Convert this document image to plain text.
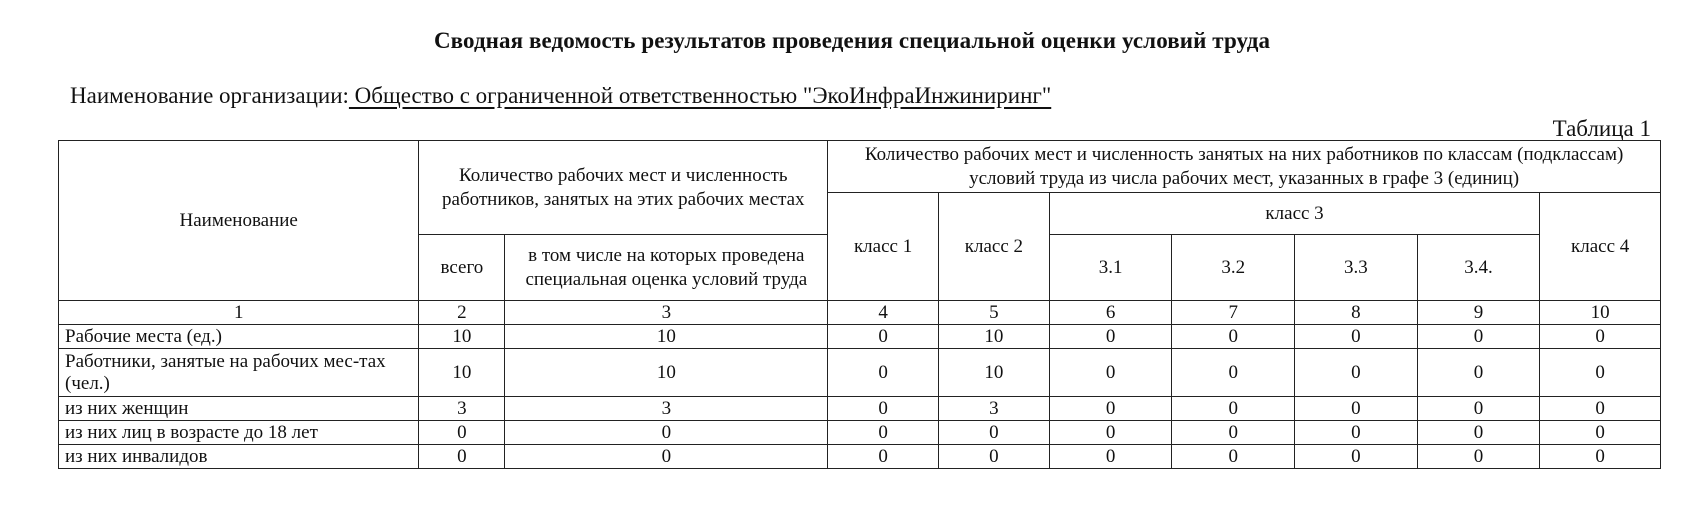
Сводная ведомость результатов проведения специальной оценки условий труда
Наименование организации: Общество с ограниченной ответственностью "ЭкоИнфраИнжиниринг"
Таблица 1
Наименование	Количество рабочих мест и численность работников, занятых на этих рабочих местах		Количество рабочих мест и численность занятых на них работников по классам (подклассам) условий труда из числа рабочих мест, указанных в графе 3 (единиц)						
			класс 1	класс 2	класс 3				класс 4
	всего	в том числе на которых проведена специальная оценка условий труда			3.1	3.2	3.3	3.4.	
1	2	3	4	5	6	7	8	9	10
Рабочие места (ед.)	10	10	0	10	0	0	0	0	0
Работники, занятые на рабочих мес-тах (чел.)	10	10	0	10	0	0	0	0	0
из них женщин	3	3	0	3	0	0	0	0	0
из них лиц в возрасте до 18 лет	0	0	0	0	0	0	0	0	0
из них инвалидов	0	0	0	0	0	0	0	0	0
